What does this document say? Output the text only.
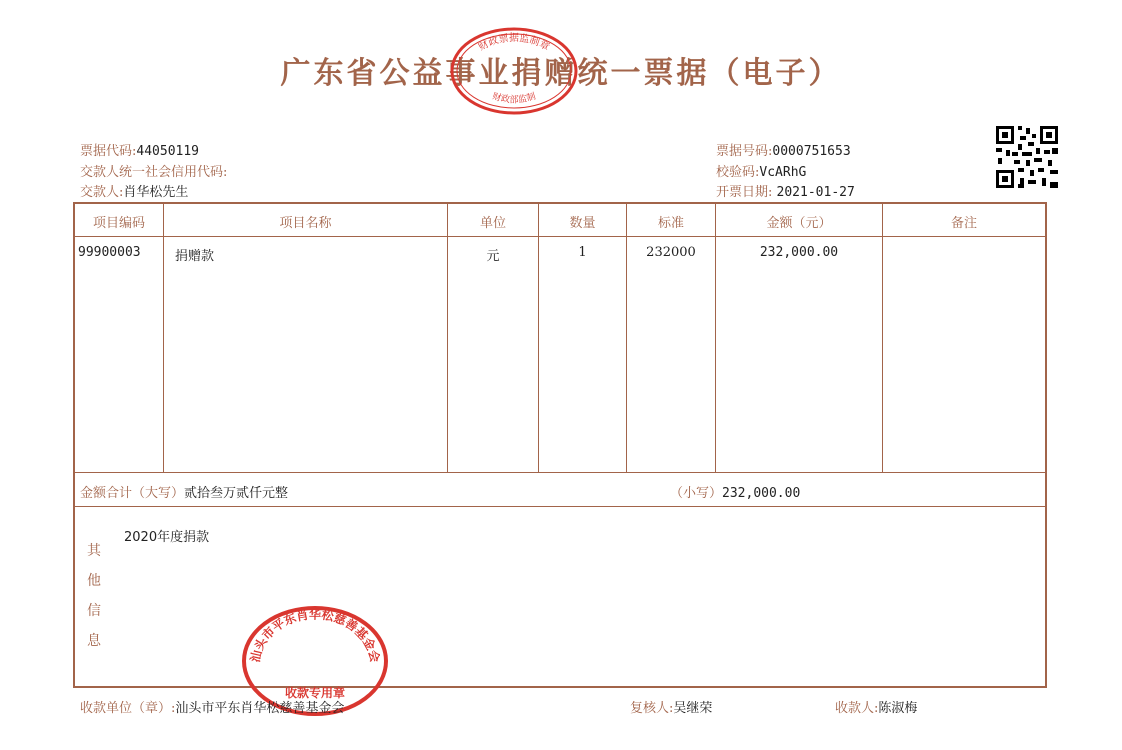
广东省公益事业捐赠统一票据（电子）
财政票据监制章
财政部监制
票据代码:44050119
交款人统一社会信用代码:
交款人:肖华松先生
票据号码:0000751653
校验码:VcARhG
开票日期: 2021-01-27
项目编码	项目名称	单位	数量	标准	金额（元）	备注
99900003	捐赠款	元	1	232000	232,000.00
金额合计（大写）贰拾叁万贰仟元整	（小写）232,000.00
其
他
信
息
2020年度捐款
汕头市平东肖华松慈善基金会
收款专用章
收款单位（章）:汕头市平东肖华松慈善基金会	复核人:吴继荣	收款人:陈淑梅
